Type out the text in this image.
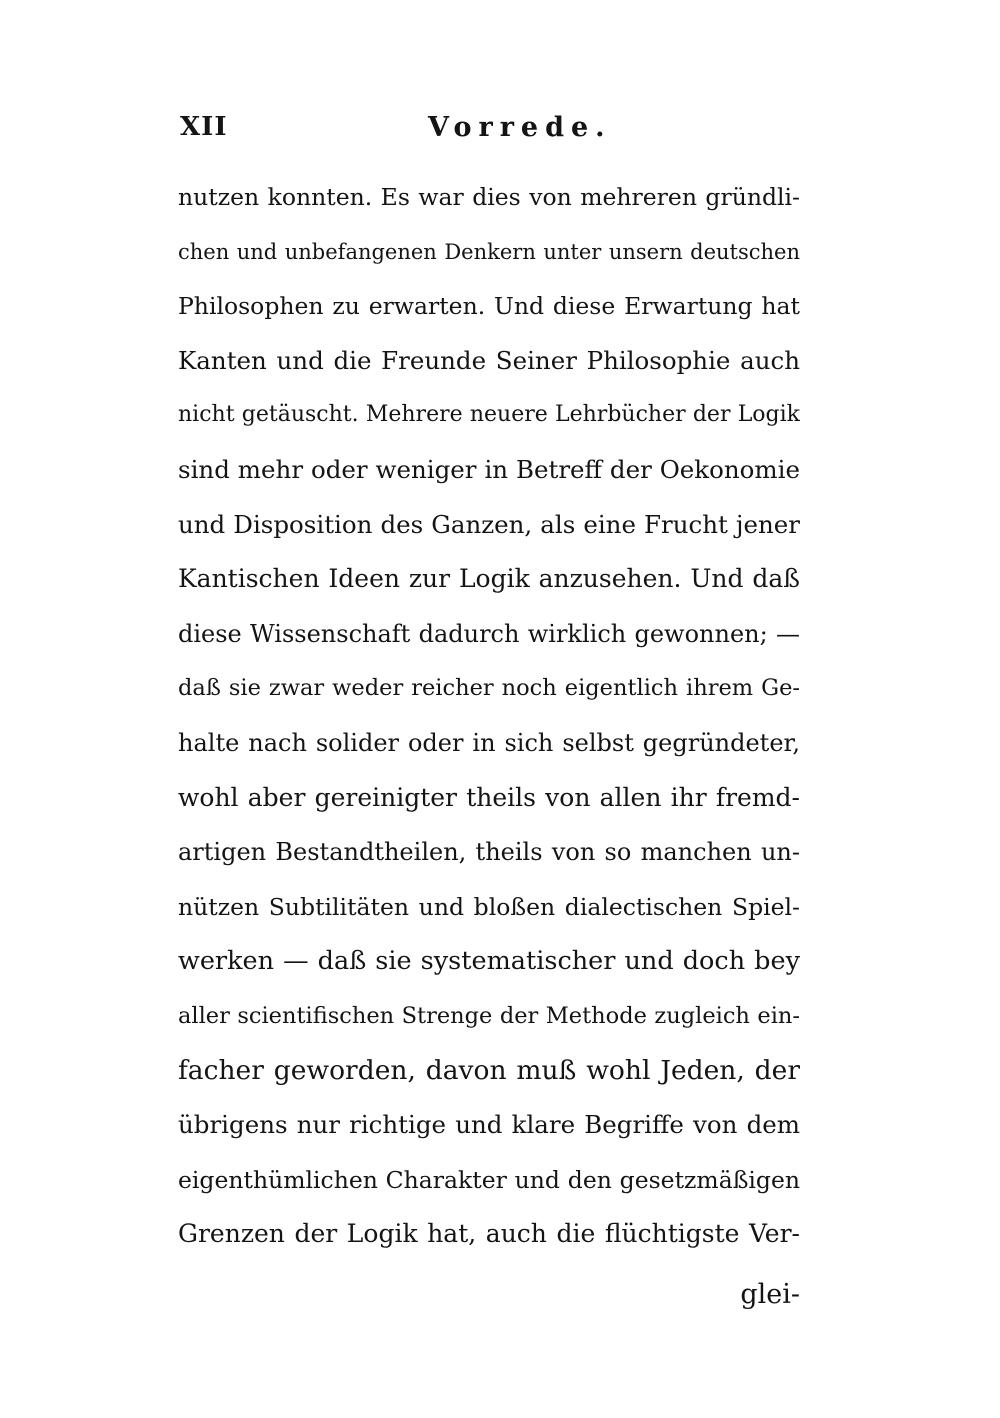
XII	Vorrede.
nutzen konnten. Es war dies von mehreren gründli-
chen und unbefangenen Denkern unter unsern deutschen
Philosophen zu erwarten. Und diese Erwartung hat
Kanten und die Freunde Seiner Philosophie auch
nicht getäuscht. Mehrere neuere Lehrbücher der Logik
sind mehr oder weniger in Betreff der Oekonomie
und Disposition des Ganzen, als eine Frucht jener
Kantischen Ideen zur Logik anzusehen. Und daß
diese Wissenschaft dadurch wirklich gewonnen; —
daß sie zwar weder reicher noch eigentlich ihrem Ge-
halte nach solider oder in sich selbst gegründeter,
wohl aber gereinigter theils von allen ihr fremd-
artigen Bestandtheilen, theils von so manchen un-
nützen Subtilitäten und bloßen dialectischen Spiel-
werken — daß sie systematischer und doch bey
aller scientifischen Strenge der Methode zugleich ein-
facher geworden, davon muß wohl Jeden, der
übrigens nur richtige und klare Begriffe von dem
eigenthümlichen Charakter und den gesetzmäßigen
Grenzen der Logik hat, auch die flüchtigste Ver-
glei-
